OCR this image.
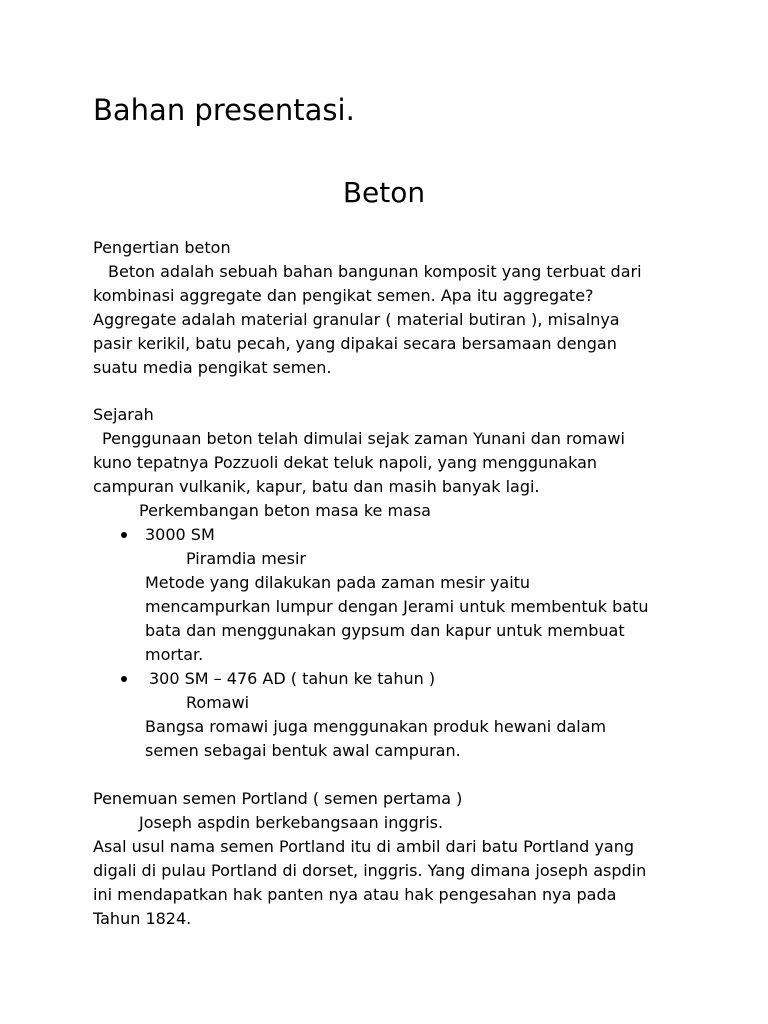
Bahan presentasi.
Beton

Pengertian beton

Beton adalah sebuah bahan bangunan komposit yang terbuat dari

kombinasi aggregate dan pengikat semen. Apa itu aggregate?

Aggregate adalah material granular ( material butiran ), misalnya

pasir kerikil, batu pecah, yang dipakai secara bersamaan dengan

suatu media pengikat semen.

Sejarah

Penggunaan beton telah dimulai sejak zaman Yunani dan romawi

kuno tepatnya Pozzuoli dekat teluk napoli, yang menggunakan

campuran vulkanik, kapur, batu dan masih banyak lagi.

Perkembangan beton masa ke masa

3000 SM

Piramdia mesir

Metode yang dilakukan pada zaman mesir yaitu

mencampurkan lumpur dengan Jerami untuk membentuk batu

bata dan menggunakan gypsum dan kapur untuk membuat

mortar.

300 SM – 476 AD ( tahun ke tahun )

Romawi

Bangsa romawi juga menggunakan produk hewani dalam

semen sebagai bentuk awal campuran.

Penemuan semen Portland ( semen pertama )

Joseph aspdin berkebangsaan inggris.

Asal usul nama semen Portland itu di ambil dari batu Portland yang

digali di pulau Portland di dorset, inggris. Yang dimana joseph aspdin

ini mendapatkan hak panten nya atau hak pengesahan nya pada

Tahun 1824.
